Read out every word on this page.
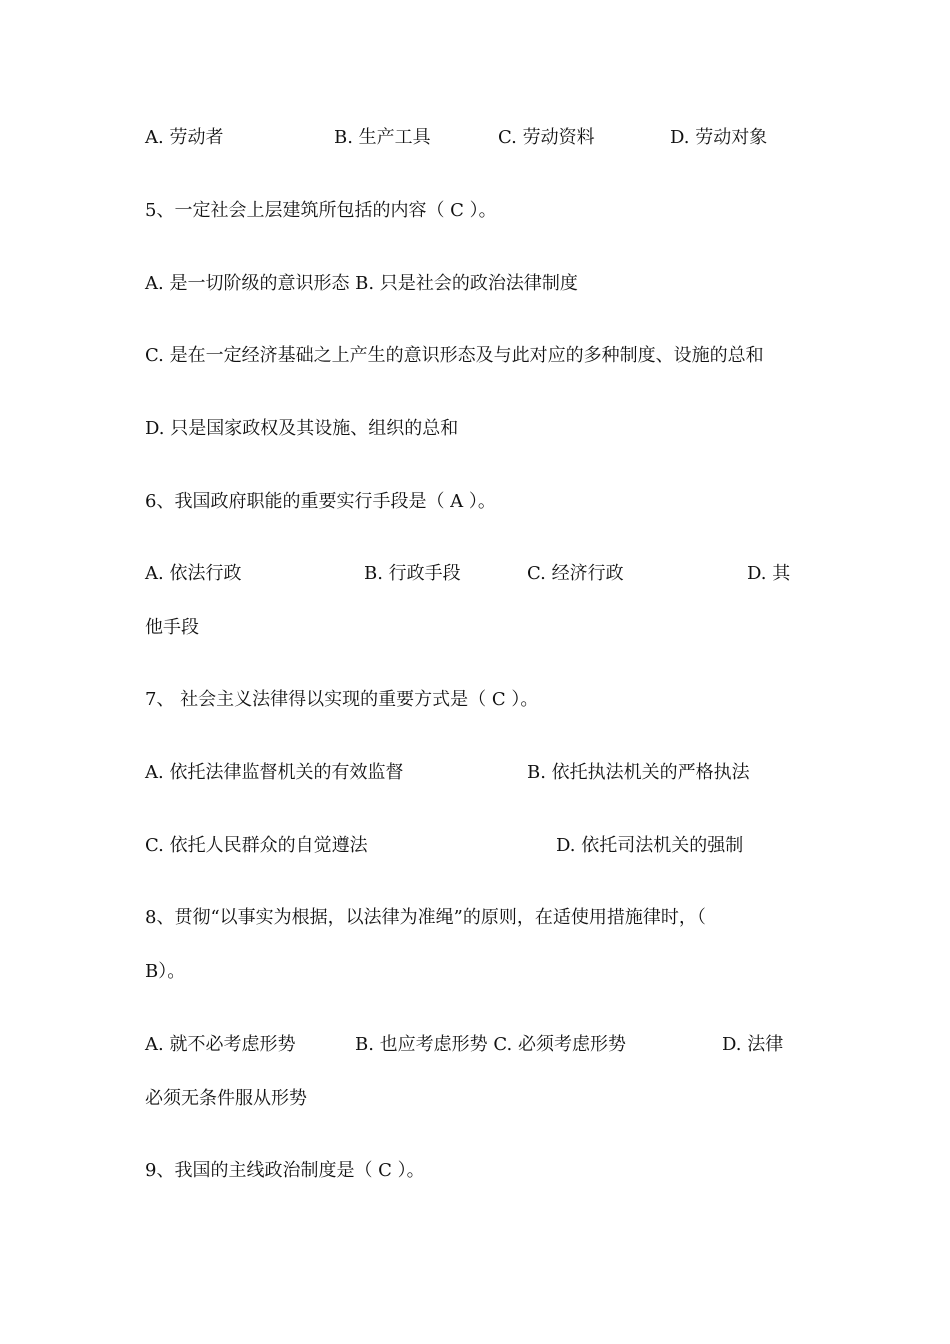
A. 劳动者	B. 生产工具	C. 劳动资料	D. 劳动对象
5、一定社会上层建筑所包括的内容（ C ）。
A. 是一切阶级的意识形态 B. 只是社会的政治法律制度
C. 是在一定经济基础之上产生的意识形态及与此对应的多种制度、设施的总和
D. 只是国家政权及其设施、组织的总和
6、我国政府职能的重要实行手段是（ A ）。
A. 依法行政	B. 行政手段	C. 经济行政	D. 其
他手段
7、 社会主义法律得以实现的重要方式是（ C ）。
A. 依托法律监督机关的有效监督	B. 依托执法机关的严格执法
C. 依托人民群众的自觉遵法	D. 依托司法机关的强制
8、贯彻“以事实为根据，以法律为准绳”的原则，在适使用措施律时，（
B）。
A. 就不必考虑形势	B. 也应考虑形势 C. 必须考虑形势	D. 法律
必须无条件服从形势
9、我国的主线政治制度是（ C ）。
